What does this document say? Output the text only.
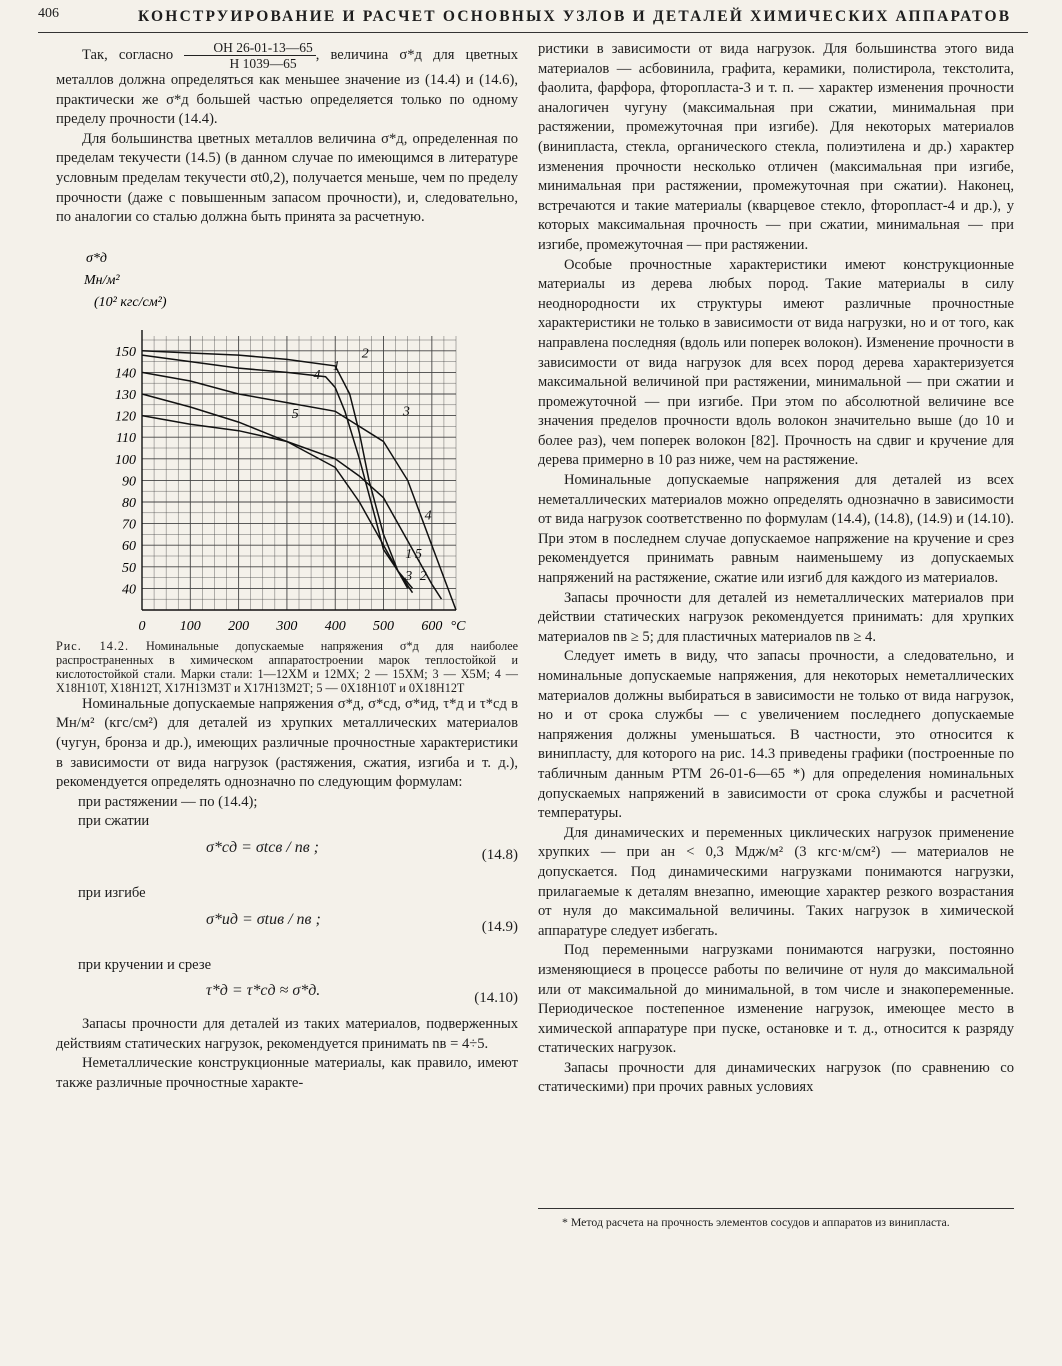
406	КОНСТРУИРОВАНИЕ И РАСЧЕТ ОСНОВНЫХ УЗЛОВ И ДЕТАЛЕЙ ХИМИЧЕСКИХ АППАРАТОВ

Так, согласно $\frac{ОН 26-01-13—65}{Н 1039—65}$ , величина σ*д для цветных металлов должна определяться как меньшее значение из (14.4) и (14.6), практически же σ*д большей частью определяется только по одному пределу прочности (14.4).

Для большинства цветных металлов величина σ*д, определенная по пределам текучести (14.5) (в данном случае по имеющимся в литературе условным пределам текучести σt0,2), получается меньше, чем по пределу прочности (даже с повышенным запасом прочности), и, следовательно, по аналогии со сталью должна быть принята за расчетную.

40
50
60
70
80
90
100
110
120
130
140
150
0 100 200 300 400 500 600 °C
σ*д
Мн/м²
(10² кгс/см²)
1
2
3
4
5
1 5
3
4
2

Рис. 14.2. Номинальные допускаемые напряжения σ*д для наиболее распространенных в химическом аппаратостроении марок теплостойкой и кислотостойкой стали. Марки стали: 1—12ХМ и 12МХ; 2 — 15ХМ; 3 — Х5М; 4 — Х18Н10Т, Х18Н12Т, Х17Н13М3Т и Х17Н13М2Т; 5 — 0Х18Н10Т и 0Х18Н12Т

Номинальные допускаемые напряжения σ*д, σ*сд, σ*ид, τ*д и τ*сд в Мн/м² (кгс/см²) для деталей из хрупких металлических материалов (чугун, бронза и др.), имеющих различные прочностные характеристики в зависимости от вида нагрузок (растяжения, сжатия, изгиба и т. д.), рекомендуется определять однозначно по следующим формулам:

при растяжении — по (14.4);

при сжатии

σ*сд = σtсв / nв ;	(14.8)

при изгибе

σ*ид = σtив / nв ;	(14.9)

при кручении и срезе

τ*д = τ*сд ≈ σ*д.	(14.10)

Запасы прочности для деталей из таких материалов, подверженных действиям статических нагрузок, рекомендуется принимать nв = 4÷5.

Неметаллические конструкционные материалы, как правило, имеют также различные прочностные характе-

ристики в зависимости от вида нагрузок. Для большинства этого вида материалов — асбовинила, графита, керамики, полистирола, текстолита, фаолита, фарфора, фторопласта-3 и т. п. — характер изменения прочности аналогичен чугуну (максимальная при сжатии, минимальная при растяжении, промежуточная при изгибе). Для некоторых материалов (винипласта, стекла, органического стекла, полиэтилена и др.) характер изменения прочности несколько отличен (максимальная при изгибе, минимальная при растяжении, промежуточная при сжатии). Наконец, встречаются и такие материалы (кварцевое стекло, фторопласт-4 и др.), у которых максимальная прочность — при сжатии, минимальная — при изгибе, промежуточная — при растяжении.

Особые прочностные характеристики имеют конструкционные материалы из дерева любых пород. Такие материалы в силу неоднородности их структуры имеют различные прочностные характеристики не только в зависимости от вида нагрузки, но и от того, как направлена последняя (вдоль или поперек волокон). Изменение прочности в зависимости от вида нагрузок для всех пород дерева характеризуется максимальной величиной при растяжении, минимальной — при сжатии и промежуточной — при изгибе. При этом по абсолютной величине все значения пределов прочности вдоль волокон значительно выше (до 10 и более раз), чем поперек волокон [82]. Прочность на сдвиг и кручение для дерева примерно в 10 раз ниже, чем на растяжение.

Номинальные допускаемые напряжения для деталей из всех неметаллических материалов можно определять однозначно в зависимости от вида нагрузок соответственно по формулам (14.4), (14.8), (14.9) и (14.10). При этом в последнем случае допускаемое напряжение на кручение и срез рекомендуется принимать равным наименьшему из допускаемых напряжений на растяжение, сжатие или изгиб для каждого из материалов.

Запасы прочности для деталей из неметаллических материалов при действии статических нагрузок рекомендуется принимать: для хрупких материалов nв ≥ 5; для пластичных материалов nв ≥ 4.

Следует иметь в виду, что запасы прочности, а следовательно, и номинальные допускаемые напряжения, для некоторых неметаллических материалов должны выбираться в зависимости не только от вида нагрузок, но и от срока службы — с увеличением последнего допускаемые напряжения должны уменьшаться. В частности, это относится к винипласту, для которого на рис. 14.3 приведены графики (построенные по табличным данным РТМ 26-01-6—65 *) для определения номинальных допускаемых напряжений в зависимости от срока службы и расчетной температуры.

Для динамических и переменных циклических нагрузок применение хрупких — при aн < 0,3 Мдж/м² (3 кгс·м/см²) — материалов не допускается. Под динамическими нагрузками понимаются нагрузки, прилагаемые к деталям внезапно, имеющие характер резкого возрастания от нуля до максимальной величины. Таких нагрузок в химической аппаратуре следует избегать.

Под переменными нагрузками понимаются нагрузки, постоянно изменяющиеся в процессе работы по величине от нуля до максимальной или от максимальной до минимальной, в том числе и знакопеременные. Периодическое постепенное изменение нагрузок, имеющее место в химической аппаратуре при пуске, остановке и т. д., относится к разряду статических нагрузок.

Запасы прочности для динамических нагрузок (по сравнению со статическими) при прочих равных условиях

* Метод расчета на прочность элементов сосудов и аппаратов из винипласта.
